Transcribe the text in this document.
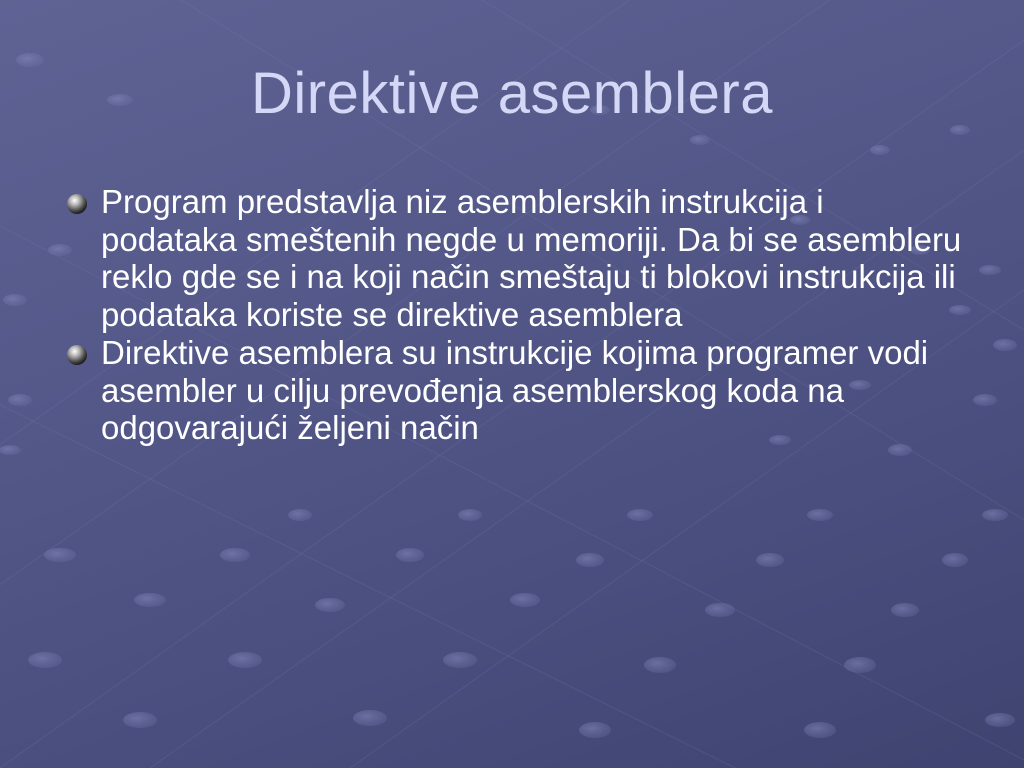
Direktive asemblera
Program predstavlja niz asemblerskih instrukcija i podataka smeštenih negde u memoriji. Da bi se asembleru reklo gde se i na koji način smeštaju ti blokovi instrukcija ili podataka koriste se direktive asemblera
Direktive asemblera su instrukcije kojima programer vodi asembler u cilju prevođenja asemblerskog koda na odgovarajući željeni način
